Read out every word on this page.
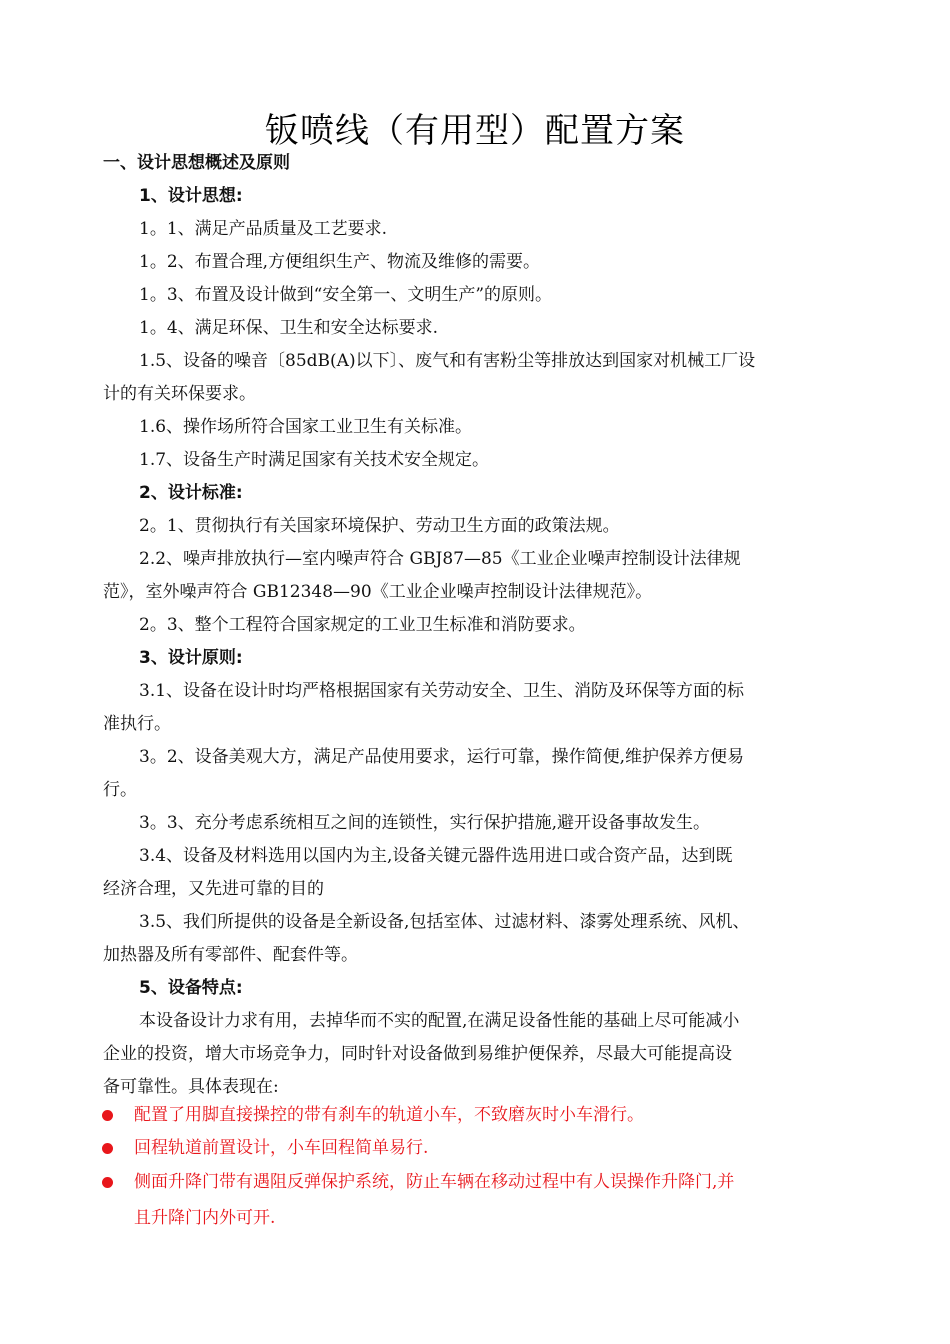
钣喷线（有用型）配置方案
一、设计思想概述及原则
1、设计思想:
1。1、满足产品质量及工艺要求.
1。2、布置合理,方便组织生产、物流及维修的需要。
1。3、布置及设计做到“安全第一、文明生产”的原则。
1。4、满足环保、卫生和安全达标要求.
1.5、设备的噪音〔85dB(A)以下〕、废气和有害粉尘等排放达到国家对机械工厂设
计的有关环保要求。
1.6、操作场所符合国家工业卫生有关标准。
1.7、设备生产时满足国家有关技术安全规定。
2、设计标准:
2。1、贯彻执行有关国家环境保护、劳动卫生方面的政策法规。
2.2、噪声排放执行—室内噪声符合 GBJ87—85《工业企业噪声控制设计法律规
范》，室外噪声符合 GB12348—90《工业企业噪声控制设计法律规范》。
2。3、整个工程符合国家规定的工业卫生标准和消防要求。
3、设计原则:
3.1、设备在设计时均严格根据国家有关劳动安全、卫生、消防及环保等方面的标
准执行。
3。2、设备美观大方，满足产品使用要求，运行可靠，操作简便,维护保养方便易
行。
3。3、充分考虑系统相互之间的连锁性，实行保护措施,避开设备事故发生。
3.4、设备及材料选用以国内为主,设备关键元器件选用进口或合资产品，达到既
经济合理，又先进可靠的目的
3.5、我们所提供的设备是全新设备,包括室体、过滤材料、漆雾处理系统、风机、
加热器及所有零部件、配套件等。
5、设备特点:
本设备设计力求有用，去掉华而不实的配置,在满足设备性能的基础上尽可能减小
企业的投资，增大市场竞争力，同时针对设备做到易维护便保养，尽最大可能提高设
备可靠性。具体表现在:
配置了用脚直接操控的带有刹车的轨道小车，不致磨灰时小车滑行。
回程轨道前置设计，小车回程简单易行.
侧面升降门带有遇阻反弹保护系统，防止车辆在移动过程中有人误操作升降门,并
且升降门内外可开.
